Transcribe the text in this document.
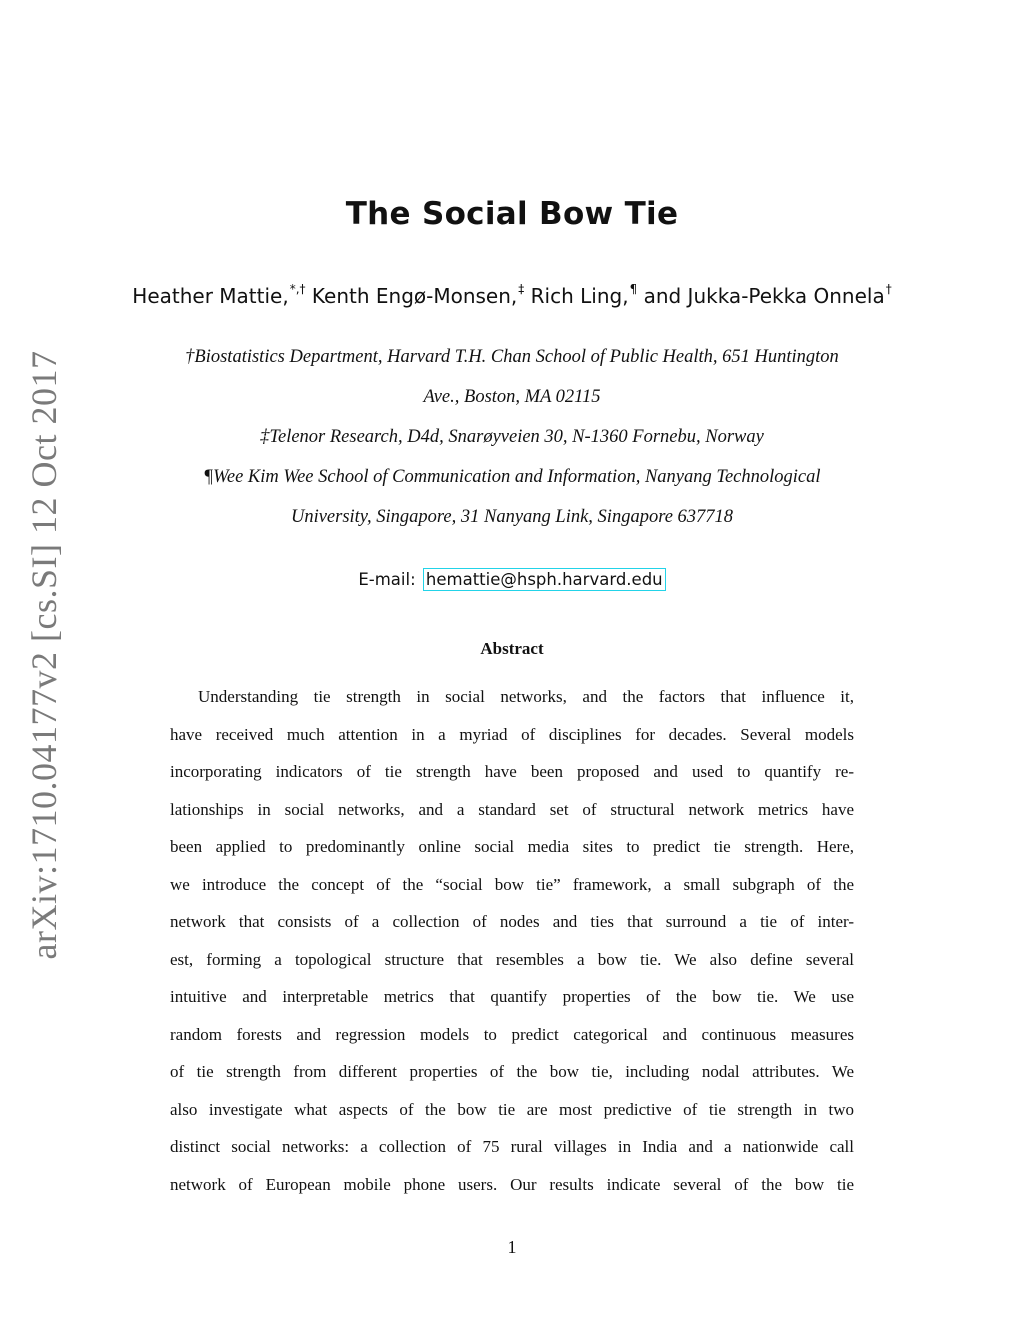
arXiv:1710.04177v2 [cs.SI] 12 Oct 2017
The Social Bow Tie
Heather Mattie,*,† Kenth Engø-Monsen,‡ Rich Ling,¶ and Jukka-Pekka Onnela†
†Biostatistics Department, Harvard T.H. Chan School of Public Health, 651 Huntington
Ave., Boston, MA 02115
‡Telenor Research, D4d, Snarøyveien 30, N-1360 Fornebu, Norway
¶Wee Kim Wee School of Communication and Information, Nanyang Technological
University, Singapore, 31 Nanyang Link, Singapore 637718
E-mail: hemattie@hsph.harvard.edu
Abstract
Understanding tie strength in social networks, and the factors that influence it,
have received much attention in a myriad of disciplines for decades. Several models
incorporating indicators of tie strength have been proposed and used to quantify re-
lationships in social networks, and a standard set of structural network metrics have
been applied to predominantly online social media sites to predict tie strength. Here,
we introduce the concept of the “social bow tie” framework, a small subgraph of the
network that consists of a collection of nodes and ties that surround a tie of inter-
est, forming a topological structure that resembles a bow tie. We also define several
intuitive and interpretable metrics that quantify properties of the bow tie. We use
random forests and regression models to predict categorical and continuous measures
of tie strength from different properties of the bow tie, including nodal attributes. We
also investigate what aspects of the bow tie are most predictive of tie strength in two
distinct social networks: a collection of 75 rural villages in India and a nationwide call
network of European mobile phone users. Our results indicate several of the bow tie
1
